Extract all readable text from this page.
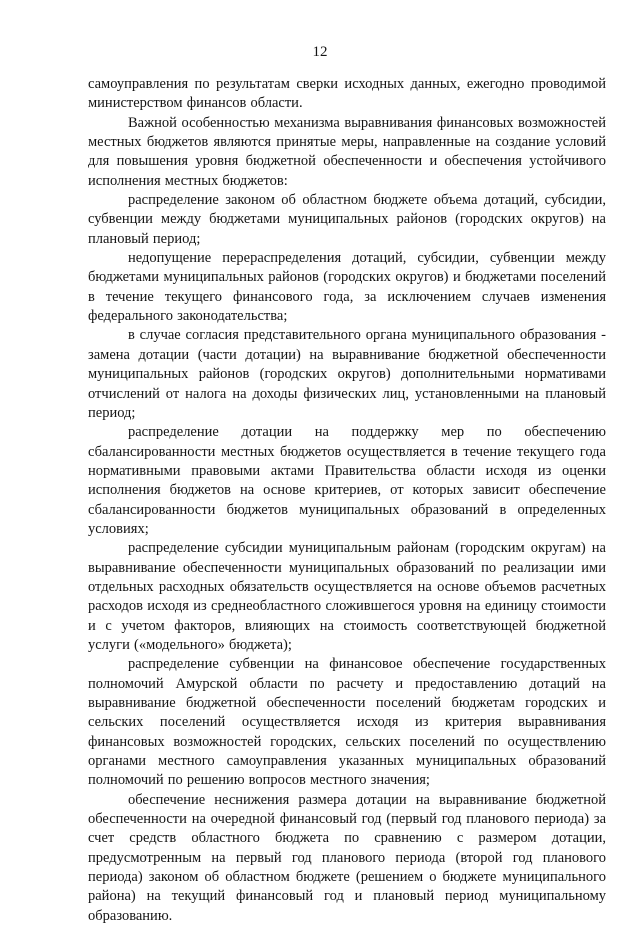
12

самоуправления по результатам сверки исходных данных, ежегодно проводимой министерством финансов области.

Важной особенностью механизма выравнивания финансовых возможностей местных бюджетов являются принятые меры, направленные на создание условий для повышения уровня бюджетной обеспеченности и обеспечения устойчивого исполнения местных бюджетов:

распределение законом об областном бюджете объема дотаций, субсидии, субвенции между бюджетами муниципальных районов (городских округов) на плановый период;

недопущение перераспределения дотаций, субсидии, субвенции между бюджетами муниципальных районов (городских округов) и бюджетами поселений в течение текущего финансового года, за исключением случаев изменения федерального законодательства;

в случае согласия представительного органа муниципального образования - замена дотации (части дотации) на выравнивание бюджетной обеспеченности муниципальных районов (городских округов) дополнительными нормативами отчислений от налога на доходы физических лиц, установленными на плановый период;

распределение дотации на поддержку мер по обеспечению сбалансированности местных бюджетов осуществляется в течение текущего года нормативными правовыми актами Правительства области исходя из оценки исполнения бюджетов на основе критериев, от которых зависит обеспечение сбалансированности бюджетов муниципальных образований в определенных условиях;

распределение субсидии муниципальным районам (городским округам) на выравнивание обеспеченности муниципальных образований по реализации ими отдельных расходных обязательств осуществляется на основе объемов расчетных расходов исходя из среднеобластного сложившегося уровня на единицу стоимости и с учетом факторов, влияющих на стоимость соответствующей бюджетной услуги («модельного» бюджета);

распределение субвенции на финансовое обеспечение государственных полномочий Амурской области по расчету и предоставлению дотаций на выравнивание бюджетной обеспеченности поселений бюджетам городских и сельских поселений осуществляется исходя из критерия выравнивания финансовых возможностей городских, сельских поселений по осуществлению органами местного самоуправления указанных муниципальных образований полномочий по решению вопросов местного значения;

обеспечение неснижения размера дотации на выравнивание бюджетной обеспеченности на очередной финансовый год (первый год планового периода) за счет средств областного бюджета по сравнению с размером дотации, предусмотренным на первый год планового периода (второй год планового периода) законом об областном бюджете (решением о бюджете муниципального района) на текущий финансовый год и плановый период муниципальному образованию.
